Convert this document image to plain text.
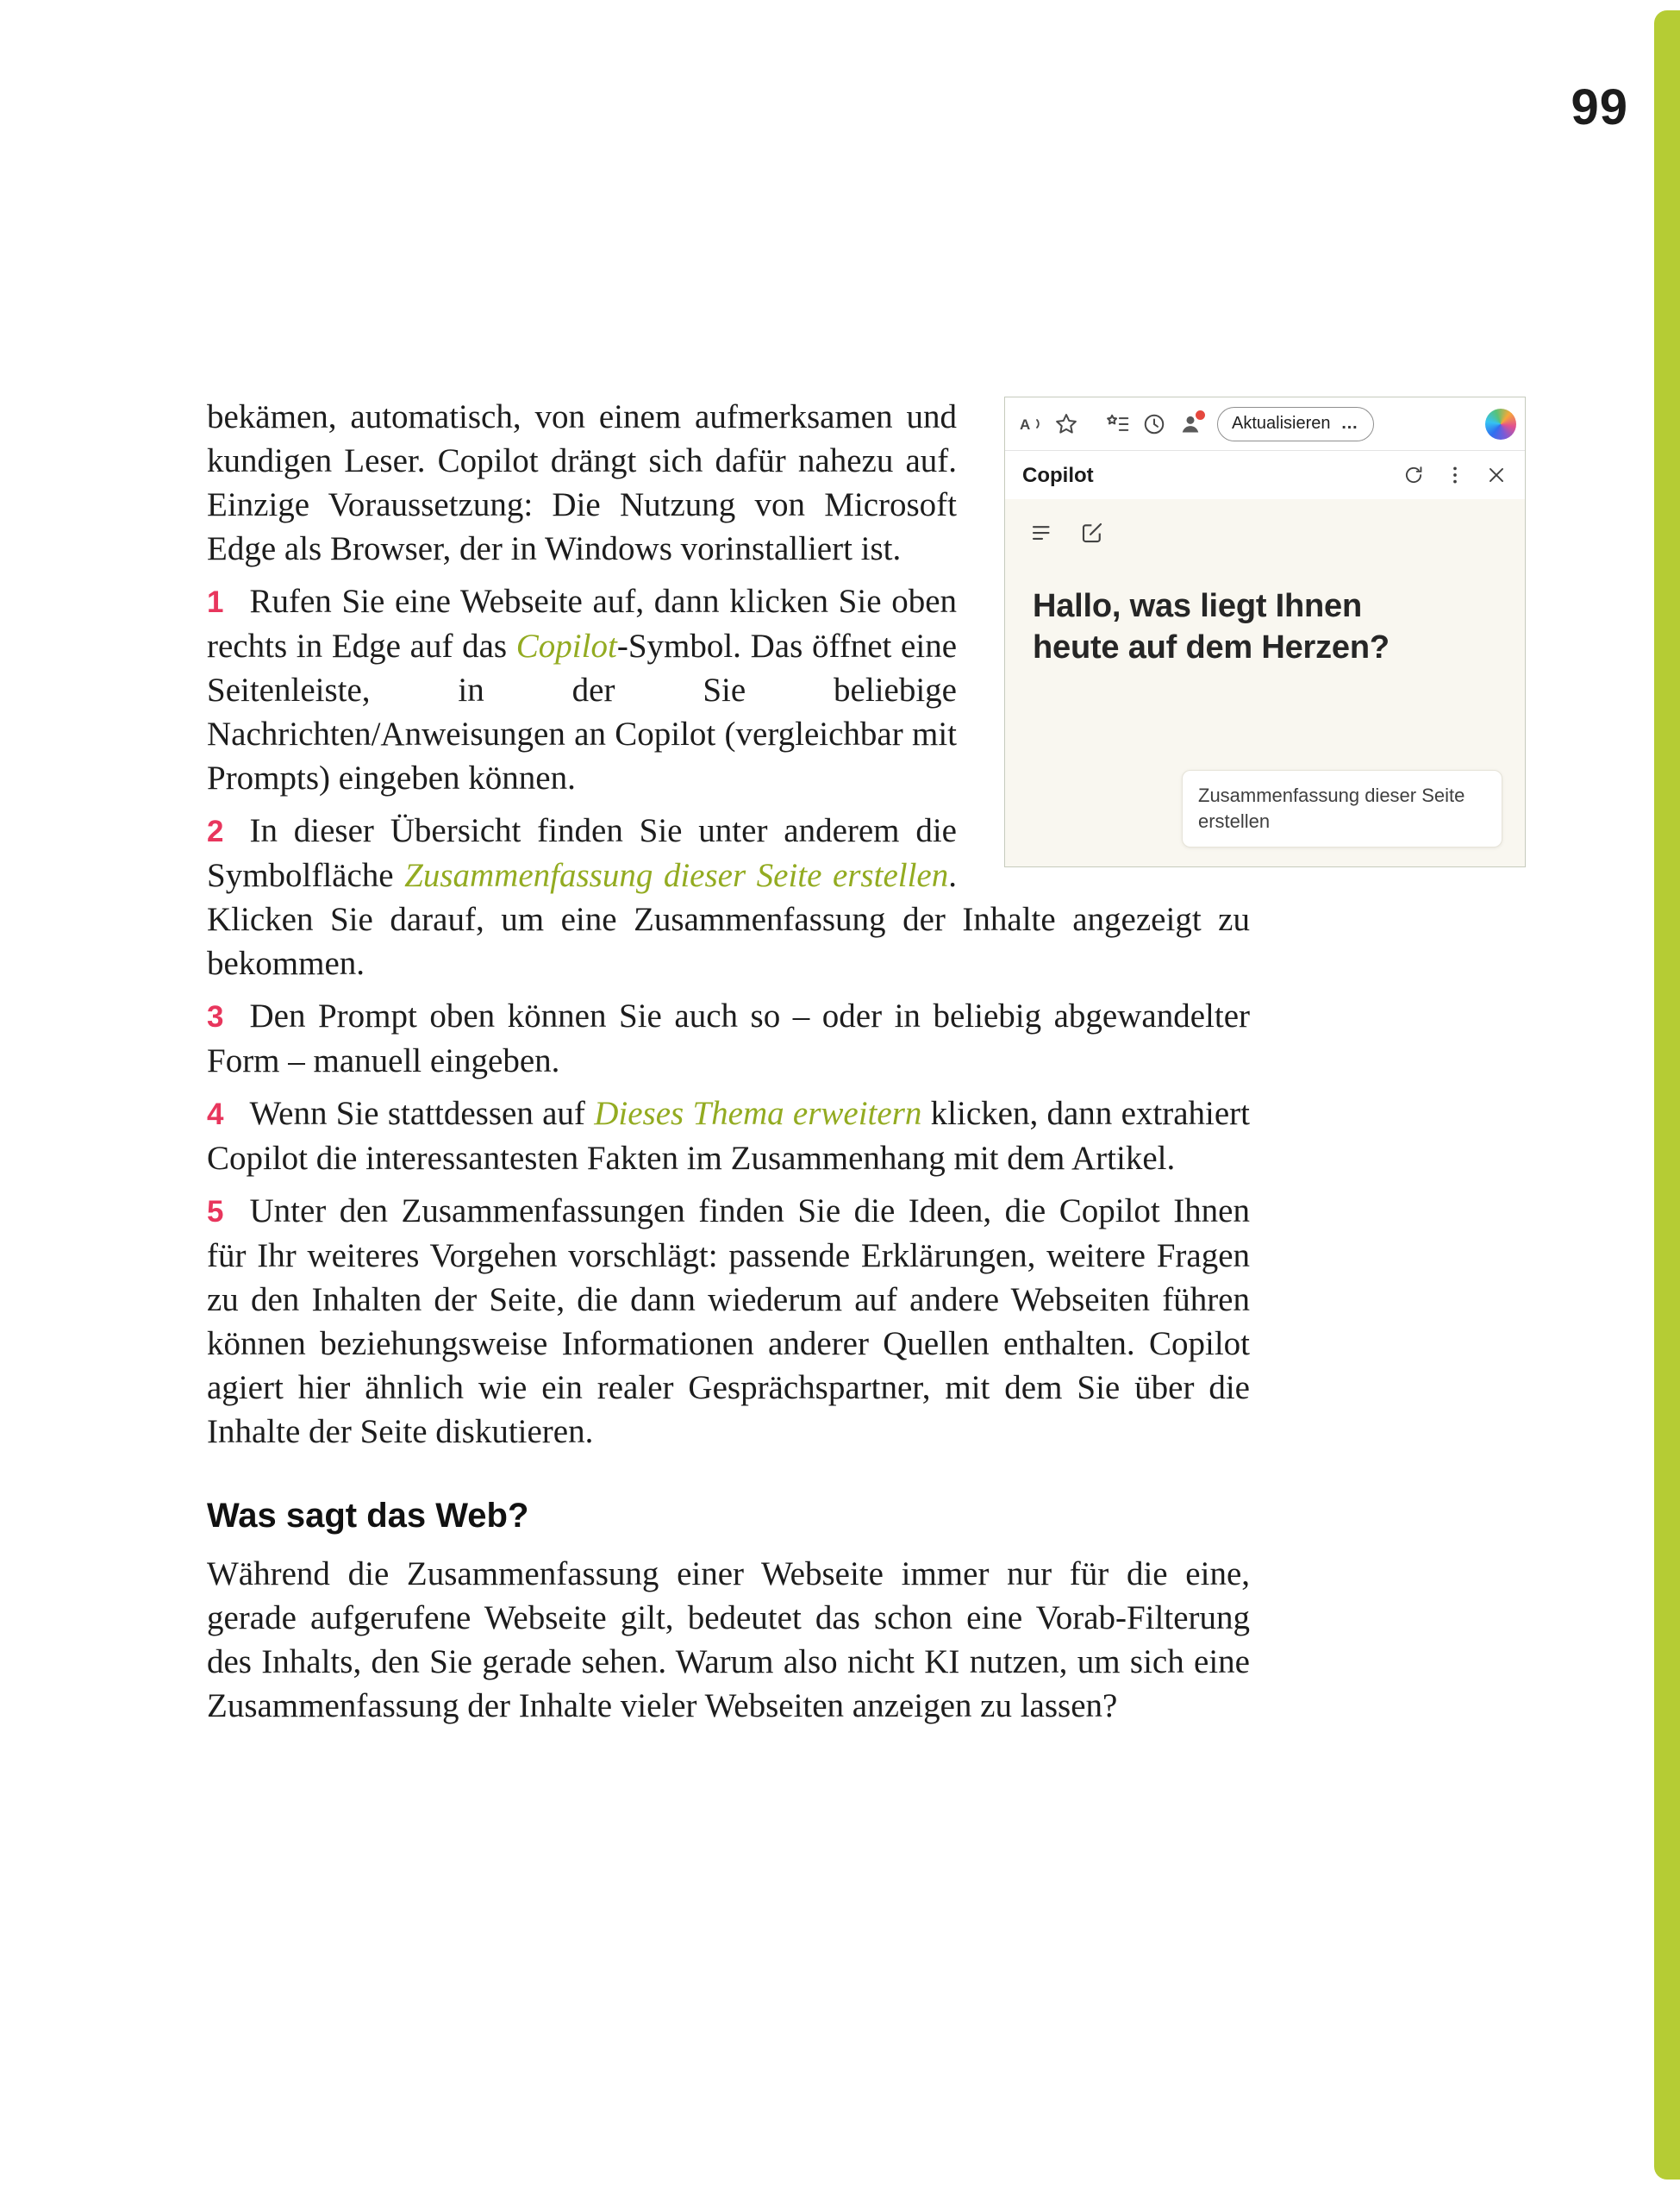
99
A	Aktualisieren …
Copilot
Hallo, was liegt Ihnen heute auf dem Herzen?
Zusammenfassung dieser Seite erstellen

bekämen, automatisch, von einem aufmerksamen und kundigen Leser. Copilot drängt sich dafür nahezu auf. Einzige Voraussetzung: Die Nutzung von Microsoft Edge als Browser, der in Windows vorinstalliert ist.

1 Rufen Sie eine Webseite auf, dann klicken Sie oben rechts in Edge auf das Copilot-Symbol. Das öffnet eine Seitenleiste, in der Sie beliebige Nachrichten/Anweisungen an Copilot (vergleichbar mit Prompts) eingeben können.

2 In dieser Übersicht finden Sie unter anderem die Symbolfläche Zusammenfassung dieser Seite erstellen. Klicken Sie darauf, um eine Zusammenfassung der Inhalte angezeigt zu bekommen.

3 Den Prompt oben können Sie auch so – oder in beliebig abgewandelter Form – manuell eingeben.

4 Wenn Sie stattdessen auf Dieses Thema erweitern klicken, dann extrahiert Copilot die interessantesten Fakten im Zusammenhang mit dem Artikel.

5 Unter den Zusammenfassungen finden Sie die Ideen, die Copilot Ihnen für Ihr weiteres Vorgehen vorschlägt: passende Erklärungen, weitere Fragen zu den Inhalten der Seite, die dann wiederum auf andere Webseiten führen können beziehungsweise Informationen anderer Quellen enthalten. Copilot agiert hier ähnlich wie ein realer Gesprächspartner, mit dem Sie über die Inhalte der Seite diskutieren.

Was sagt das Web?

Während die Zusammenfassung einer Webseite immer nur für die eine, gerade aufgerufene Webseite gilt, bedeutet das schon eine Vorab-Filterung des Inhalts, den Sie gerade sehen. Warum also nicht KI nutzen, um sich eine Zusammenfassung der Inhalte vieler Webseiten anzeigen zu lassen?
